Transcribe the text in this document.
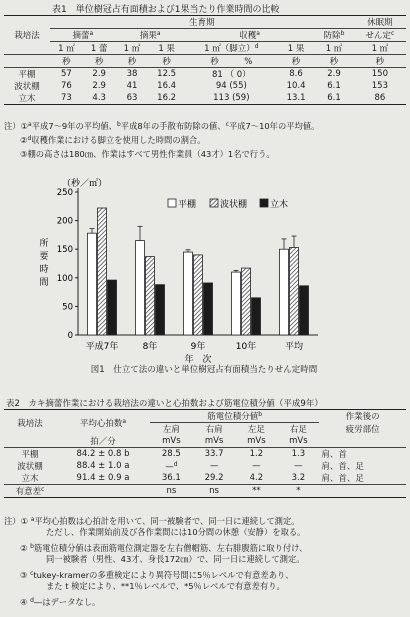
表1　単位樹冠占有面積および1果当たり作業時間の比較
栽培法	生育期							休眠期
	摘蕾$^a$		摘果$^a$		収穫$^a$		防除$^b$	せん定$^c$
	1 ㎡	1 蕾	1 ㎡	1 果	1 ㎡（脚立）$^d$	1 果	1 ㎡	1 ㎡
	秒	秒	秒	秒	秒　　　 %	秒	秒	秒
平棚	57	2.9	38	12.5	81 （ 0）	8.6	2.9	150
波状棚	76	2.9	41	16.4	94 (55)	10.4	6.1	153
立木	73	4.3	63	16.2	113 (59)	13.1	6.1	86
注）①$^a$平成7～9年の平均値、$^b$平成8年の手散布防除の値、$^c$平成7～10年の平均値。
②$^d$収穫作業における脚立を使用した時間の割合。
③棚の高さは180㎝、作業はすべて男性作業員（43才）1名で行う。
（秒／㎡）
所
要
時
間
0
50
100
150
200
250
平成7年	8年	9年	10年	平均
年　次
平棚	波状棚	立木
図1　仕立て法の違いと単位樹冠占有面積当たりせん定時間
表2　カキ摘蕾作業における栽培法の違いと心拍数および筋電位積分値（平成9年）
栽培法	平均心拍数$^a$	筋電位積分値$^b$				作業後の
		左肩	右肩	左足	右足	疲労部位
	拍／分	mVs	mVs	mVs	mVs	
平棚	84.2 ± 0.8 b	28.5	33.7	1.2	1.3	肩、首
波状棚	88.4 ± 1.0 a	—$^d$	—	—	—	肩、首、足
立木	91.4 ± 0.9 a	36.1	29.2	4.2	3.2	肩、首、足
有意差$^c$		ns	ns	**	*	
注）① $^a$平均心拍数は心拍計を用いて、同一被験者で、同一日に連続して測定。
ただし、作業開始前及び各作業間には10分間の休憩（安静）を取る。
② $^b$筋電位積分値は表面筋電位測定器を左右僧帽筋、左右腓腹筋に取り付け、
同一被験者（男性、43才、身長172㎝）で、同一日に連続して測定。
③ $^c$tukey-kramerの多重検定により異符号間に5％レベルで有意差あり、
また t 検定により、**1％レベルで、*5％レベルで有意差有り。
④ $^d$―はデータなし。
